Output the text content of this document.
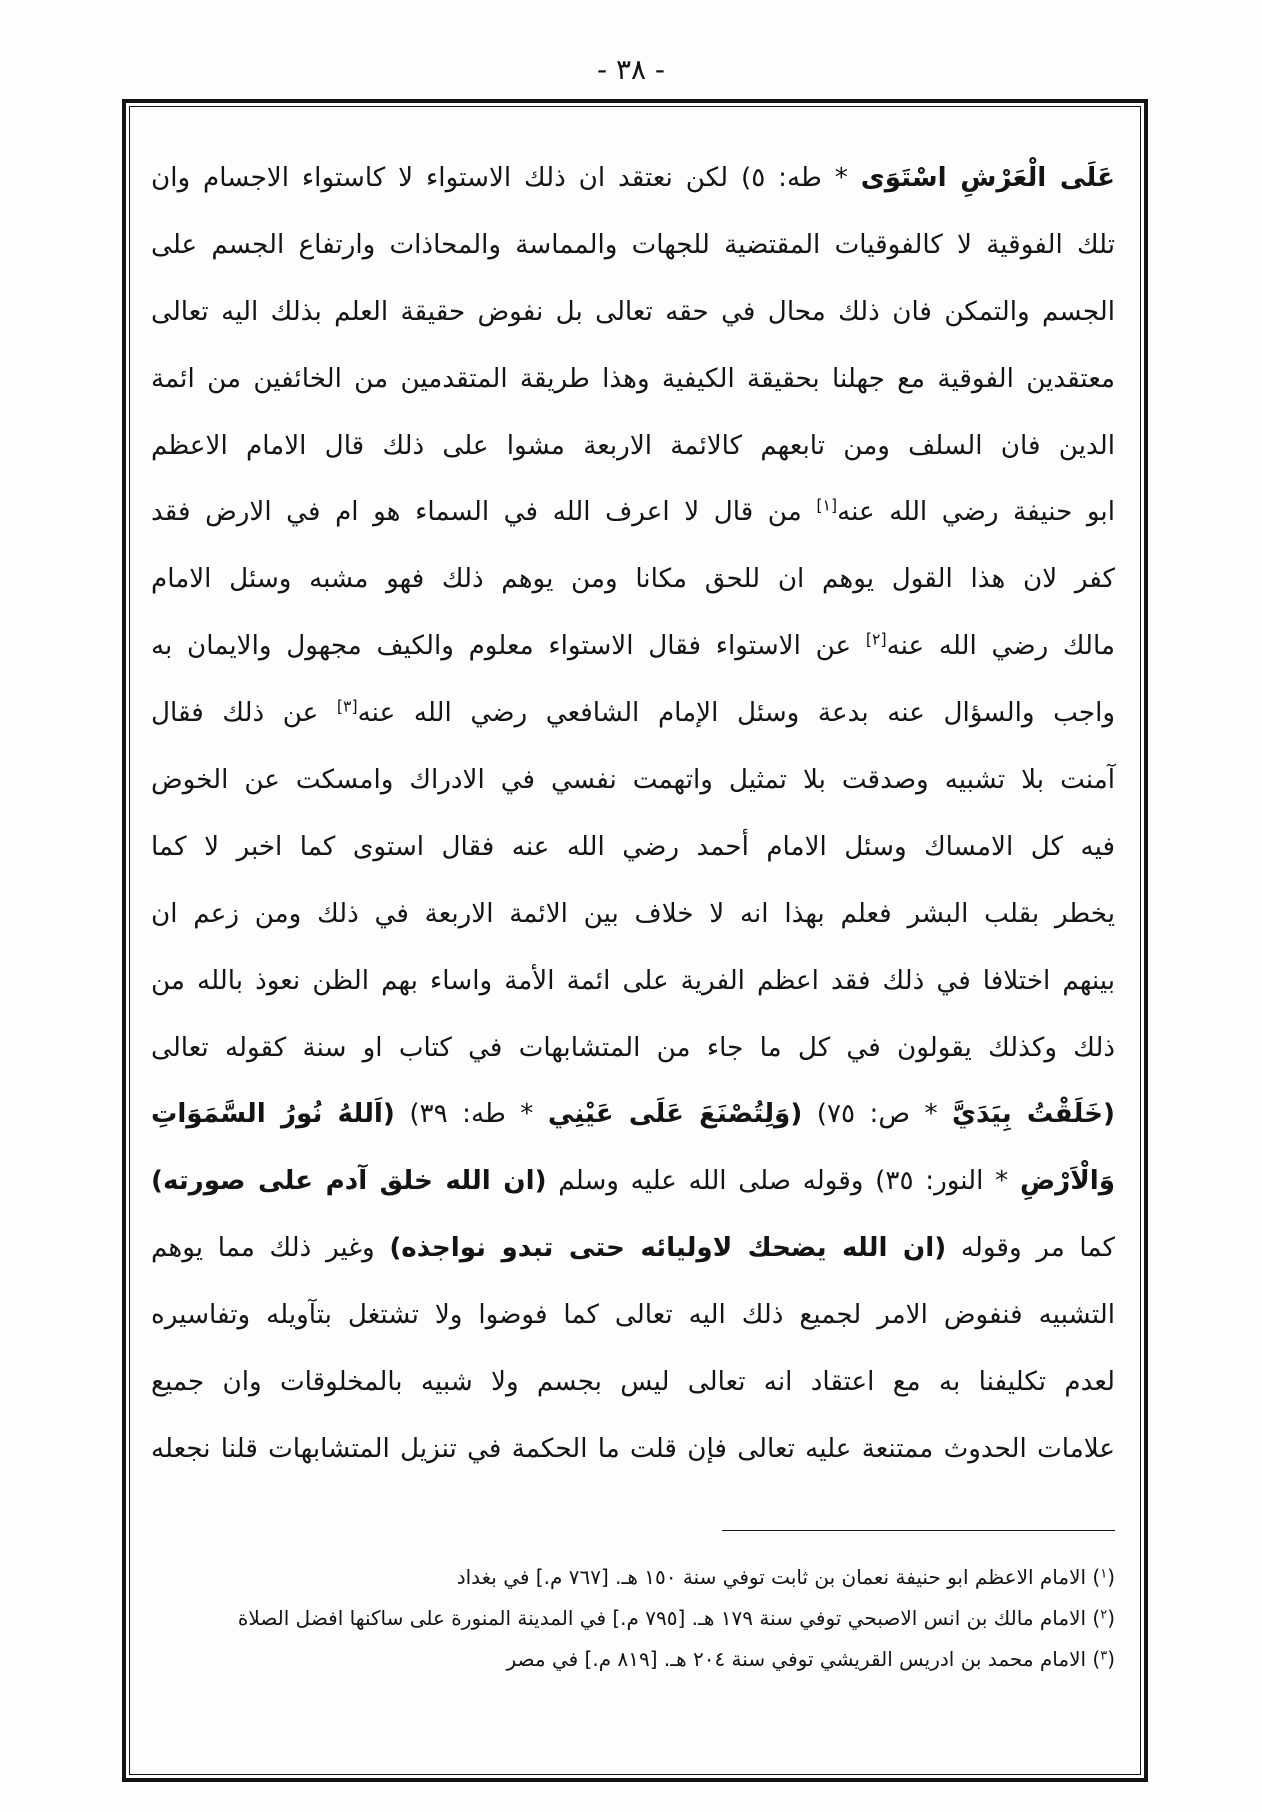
- ٣٨ -
عَلَى الْعَرْشِ اسْتَوَى * طه: ٥) لكن نعتقد ان ذلك الاستواء لا كاستواء الاجسام وان
تلك الفوقية لا كالفوقيات المقتضية للجهات والمماسة والمحاذات وارتفاع الجسم على
الجسم والتمكن فان ذلك محال في حقه تعالى بل نفوض حقيقة العلم بذلك اليه تعالى
معتقدين الفوقية مع جهلنا بحقيقة الكيفية وهذا طريقة المتقدمين من الخائفين من ائمة
الدين فان السلف ومن تابعهم كالائمة الاربعة مشوا على ذلك قال الامام الاعظم
ابو حنيفة رضي الله عنه[١] من قال لا اعرف الله في السماء هو ام في الارض فقد
كفر لان هذا القول يوهم ان للحق مكانا ومن يوهم ذلك فهو مشبه وسئل الامام
مالك رضي الله عنه[٢] عن الاستواء فقال الاستواء معلوم والكيف مجهول والايمان به
واجب والسؤال عنه بدعة وسئل الإمام الشافعي رضي الله عنه[٣] عن ذلك فقال
آمنت بلا تشبيه وصدقت بلا تمثيل واتهمت نفسي في الادراك وامسكت عن الخوض
فيه كل الامساك وسئل الامام أحمد رضي الله عنه فقال استوى كما اخبر لا كما
يخطر بقلب البشر فعلم بهذا انه لا خلاف بين الائمة الاربعة في ذلك ومن زعم ان
بينهم اختلافا في ذلك فقد اعظم الفرية على ائمة الأمة واساء بهم الظن نعوذ بالله من
ذلك وكذلك يقولون في كل ما جاء من المتشابهات في كتاب او سنة كقوله تعالى
(خَلَقْتُ بِيَدَيَّ * ص: ٧٥) (وَلِتُصْنَعَ عَلَى عَيْنِي * طه: ٣٩) (اَللهُ نُورُ السَّمَوَاتِ
وَالْاَرْضِ * النور: ٣٥) وقوله صلى الله عليه وسلم (ان الله خلق آدم على صورته)
كما مر وقوله (ان الله يضحك لاوليائه حتى تبدو نواجذه) وغير ذلك مما يوهم
التشبيه فنفوض الامر لجميع ذلك اليه تعالى كما فوضوا ولا تشتغل بتآويله وتفاسيره
لعدم تكليفنا به مع اعتقاد انه تعالى ليس بجسم ولا شبيه بالمخلوقات وان جميع
علامات الحدوث ممتنعة عليه تعالى فإن قلت ما الحكمة في تنزيل المتشابهات قلنا نجعله
($^١$) الامام الاعظم ابو حنيفة نعمان بن ثابت توفي سنة ١٥٠ هـ. [٧٦٧ م.] في بغداد
($^٢$) الامام مالك بن انس الاصبحي توفي سنة ١٧٩ هـ. [٧٩٥ م.] في المدينة المنورة على ساكنها افضل الصلاة
($^٣$) الامام محمد بن ادريس القريشي توفي سنة ٢٠٤ هـ. [٨١٩ م.] في مصر
